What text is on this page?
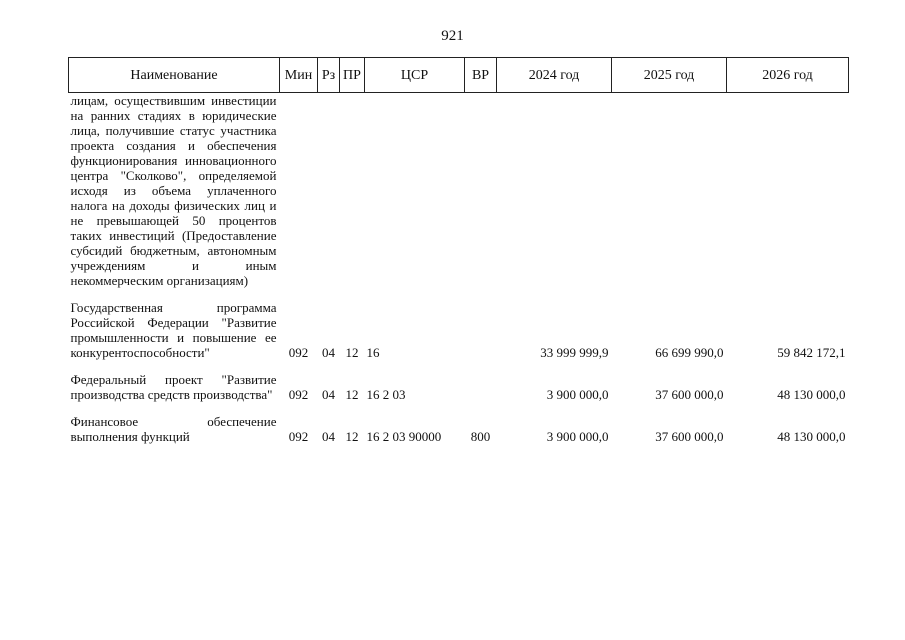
921
Наименование	Мин	Рз	ПР	ЦСР	ВР	2024 год	2025 год	2026 год
лицам, осуществившим инвестиции на ранних стадиях в юридические лица, получившие статус участника проекта создания и обеспечения функционирования инновационного центра "Сколково", определяемой исходя из объема уплаченного налога на доходы физических лиц и не превышающей 50 процентов таких инвестиций (Предоставление субсидий бюджетным, автономным учреждениям и иным некоммерческим организациям)								

Государственная программа Российской Федерации "Развитие промышленности и повышение ее конкурентоспособности"	092	04	12	16		33 999 999,9	66 699 990,0	59 842 172,1

Федеральный проект "Развитие производства средств производства"	092	04	12	16 2 03		3 900 000,0	37 600 000,0	48 130 000,0

Финансовое обеспечение выполнения функций	092	04	12	16 2 03 90000	800	3 900 000,0	37 600 000,0	48 130 000,0
